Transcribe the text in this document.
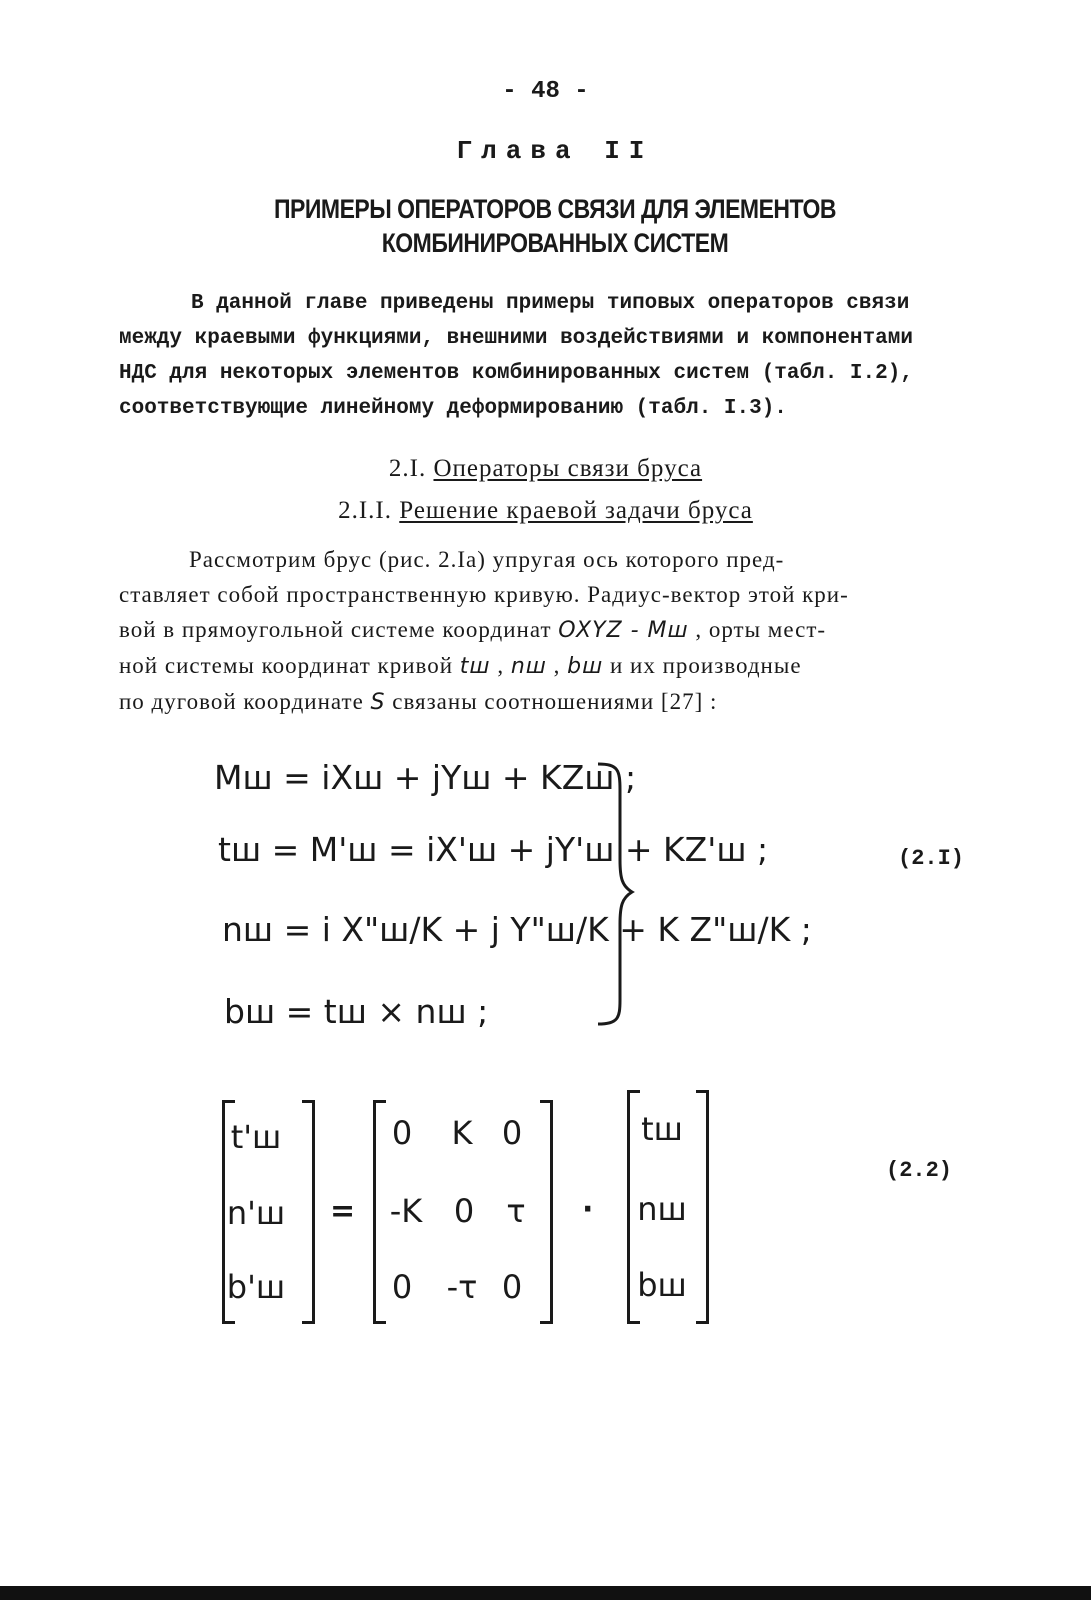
- 48 -
Глава II
ПРИМЕРЫ ОПЕРАТОРОВ СВЯЗИ ДЛЯ ЭЛЕМЕНТОВ
КОМБИНИРОВАННЫХ СИСТЕМ
В данной главе приведены примеры типовых операторов связи
между краевыми функциями, внешними воздействиями и компонентами
НДС для некоторых элементов комбинированных систем (табл. I.2),
соответствующие линейному деформированию (табл. I.3).
2.I. Операторы связи бруса
2.I.I. Решение краевой задачи бруса
Рассмотрим брус (рис. 2.Iа) упругая ось которого пред-
ставляет собой пространственную кривую. Радиус-вектор этой кри-
вой в прямоугольной системе координат OXYZ - Mш , орты мест-
ной системы координат кривой tш , nш , bш и их производные
по дуговой координате S связаны соотношениями [27] :
Mш = iXш + jYш + KZш ;
tш = M'ш = iX'ш + jY'ш + KZ'ш ;
nш = i X"ш/K + j Y"ш/K + K Z"ш/K ;
bш = tш × nш ;
(2.I)
t'ш
n'ш
b'ш
=
0	K 0
-K 0	τ
0	-τ 0
·
tш
nш
bш
(2.2)
